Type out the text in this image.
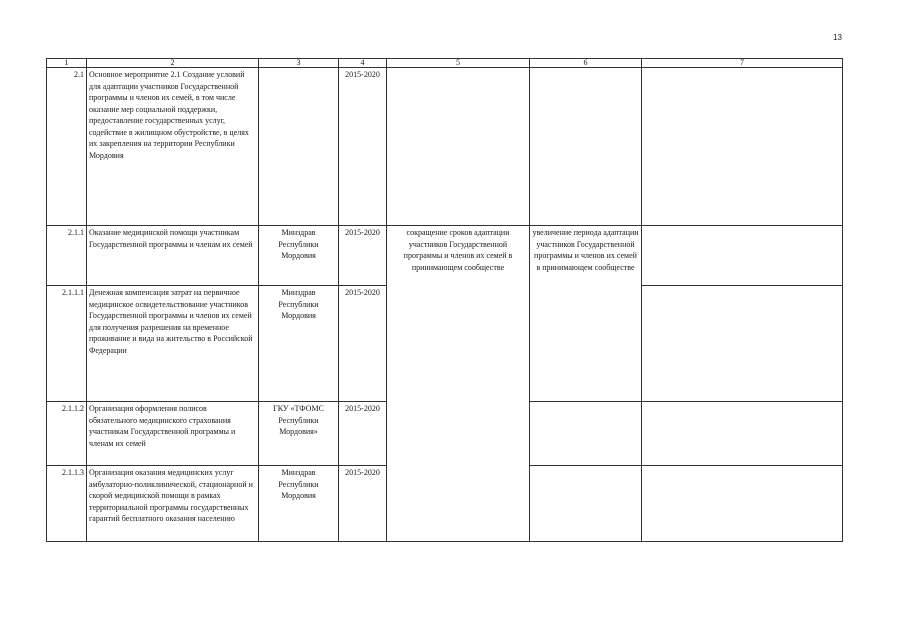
13
1	2	3	4	5	6	7
2.1	Основное мероприятие 2.1 Создание условий для адаптации участников Государственной программы и членов их семей, в том числе оказание мер социальной поддержки, предоставление государственных услуг, содействие в жилищном обустройстве, в целях их закрепления на территории Республики Мордовия		2015-2020			
2.1.1	Оказание медицинской помощи участникам Государственной программы и членам их семей	Минздрав Республики Мордовия	2015-2020	сокращение сроков адаптации участников Государственной программы и членов их семей в принимающем сообществе	увеличение периода адаптации участников Государственной программы и членов их семей в принимающем сообществе	
2.1.1.1	Денежная компенсация затрат на первичное медицинское освидетельствование участников Государственной программы и членов их семей для получения разрешения на временное проживание и вида на жительство в Российской Федерации	Минздрав Республики Мордовия	2015-2020			
2.1.1.2	Организация оформления полисов обязательного медицинского страхования участникам Государственной программы и членам их семей	ГКУ «ТФОМС Республики Мордовия»	2015-2020			
2.1.1.3	Организация оказания медицинских услуг амбулаторно-поликлинической, стационарной и скорой медицинской помощи в рамках территориальной программы государственных гарантий бесплатного оказания населению	Минздрав Республики Мордовия	2015-2020			
